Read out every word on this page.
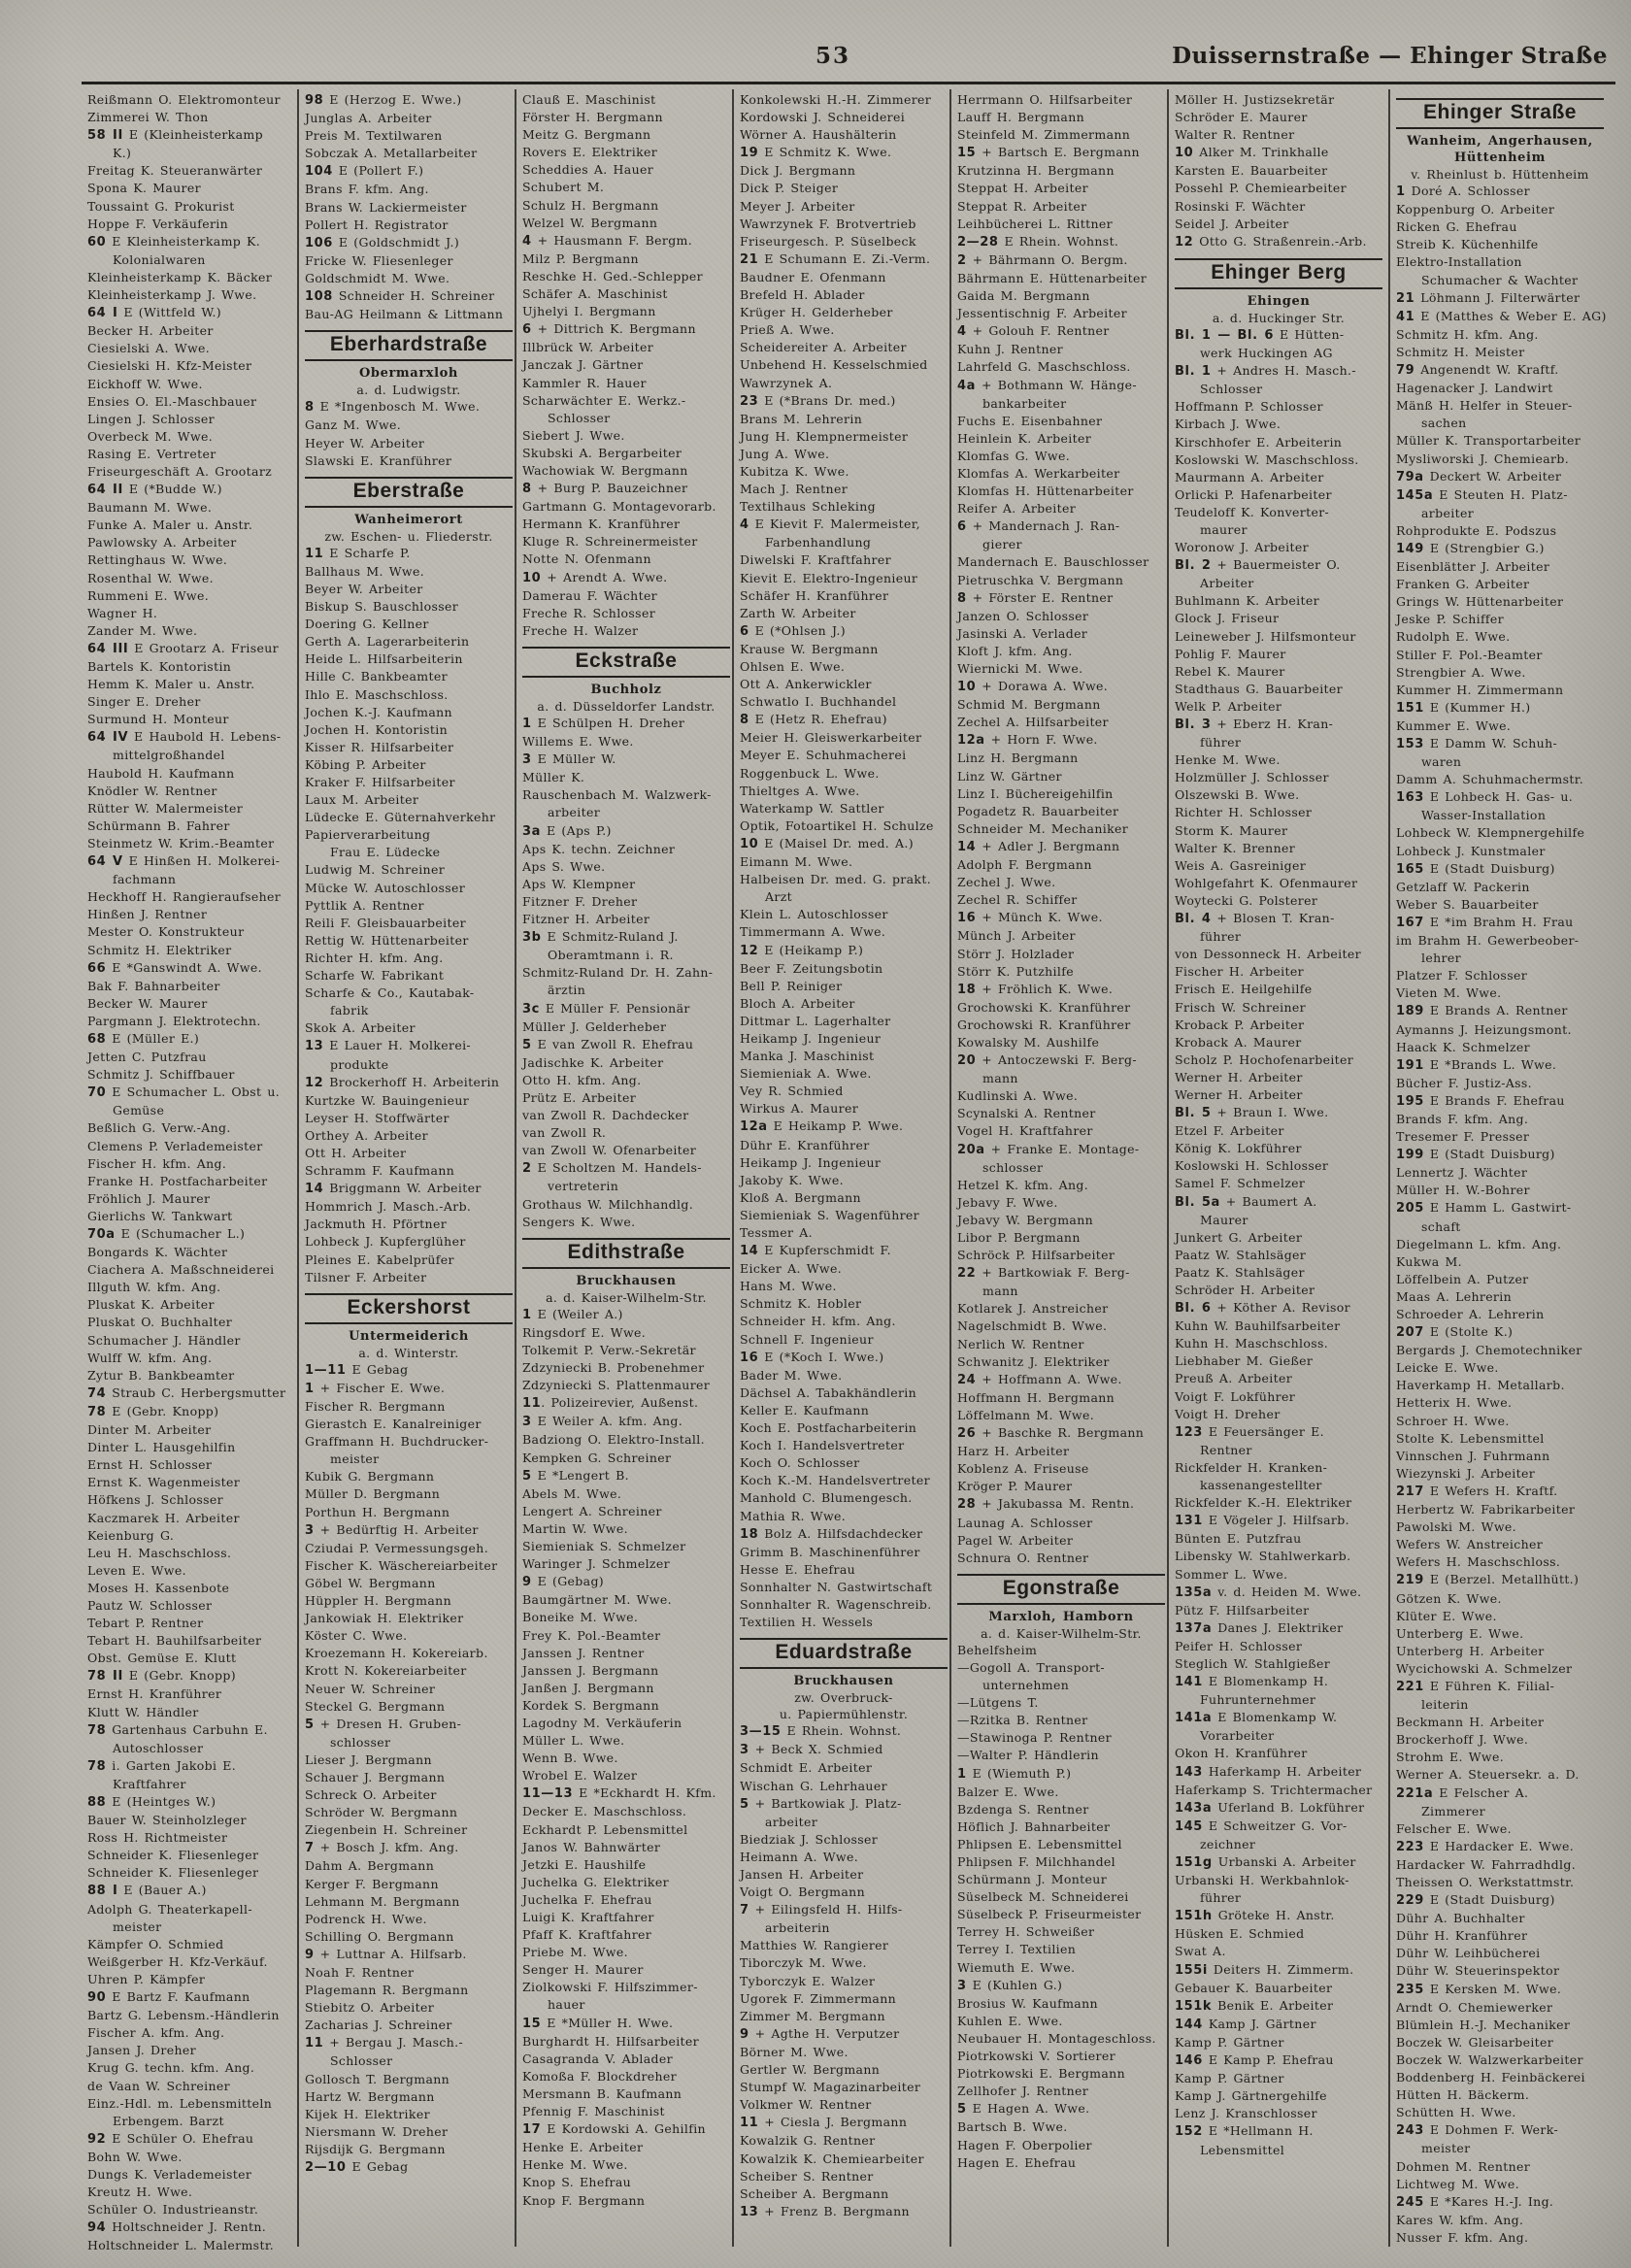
53	Duissernstraße — Ehinger Straße
Reißmann O. Elektromonteur
Zimmerei W. Thon
58 II E (Kleinheisterkamp
K.)
Freitag K. Steueranwärter
Spona K. Maurer
Toussaint G. Prokurist
Hoppe F. Verkäuferin
60 E Kleinheisterkamp K.
Kolonialwaren
Kleinheisterkamp K. Bäcker
Kleinheisterkamp J. Wwe.
64 I E (Wittfeld W.)
Becker H. Arbeiter
Ciesielski A. Wwe.
Ciesielski H. Kfz-Meister
Eickhoff W. Wwe.
Ensies O. El.-Maschbauer
Lingen J. Schlosser
Overbeck M. Wwe.
Rasing E. Vertreter
Friseurgeschäft A. Grootarz
64 II E (*Budde W.)
Baumann M. Wwe.
Funke A. Maler u. Anstr.
Pawlowsky A. Arbeiter
Rettinghaus W. Wwe.
Rosenthal W. Wwe.
Rummeni E. Wwe.
Wagner H.
Zander M. Wwe.
64 III E Grootarz A. Friseur
Bartels K. Kontoristin
Hemm K. Maler u. Anstr.
Singer E. Dreher
Surmund H. Monteur
64 IV E Haubold H. Lebens-
mittelgroßhandel
Haubold H. Kaufmann
Knödler W. Rentner
Rütter W. Malermeister
Schürmann B. Fahrer
Steinmetz W. Krim.-Beamter
64 V E Hinßen H. Molkerei-
fachmann
Heckhoff H. Rangieraufseher
Hinßen J. Rentner
Mester O. Konstrukteur
Schmitz H. Elektriker
66 E *Ganswindt A. Wwe.
Bak F. Bahnarbeiter
Becker W. Maurer
Pargmann J. Elektrotechn.
68 E (Müller E.)
Jetten C. Putzfrau
Schmitz J. Schiffbauer
70 E Schumacher L. Obst u.
Gemüse
Beßlich G. Verw.-Ang.
Clemens P. Verlademeister
Fischer H. kfm. Ang.
Franke H. Postfacharbeiter
Fröhlich J. Maurer
Gierlichs W. Tankwart
70a E (Schumacher L.)
Bongards K. Wächter
Ciachera A. Maßschneiderei
Illguth W. kfm. Ang.
Pluskat K. Arbeiter
Pluskat O. Buchhalter
Schumacher J. Händler
Wulff W. kfm. Ang.
Zytur B. Bankbeamter
74 Straub C. Herbergsmutter
78 E (Gebr. Knopp)
Dinter M. Arbeiter
Dinter L. Hausgehilfin
Ernst H. Schlosser
Ernst K. Wagenmeister
Höfkens J. Schlosser
Kaczmarek H. Arbeiter
Keienburg G.
Leu H. Maschschloss.
Leven E. Wwe.
Moses H. Kassenbote
Pautz W. Schlosser
Tebart P. Rentner
Tebart H. Bauhilfsarbeiter
Obst. Gemüse E. Klutt
78 II E (Gebr. Knopp)
Ernst H. Kranführer
Klutt W. Händler
78 Gartenhaus Carbuhn E.
Autoschlosser
78 i. Garten Jakobi E.
Kraftfahrer
88 E (Heintges W.)
Bauer W. Steinholzleger
Ross H. Richtmeister
Schneider K. Fliesenleger
Schneider K. Fliesenleger
88 I E (Bauer A.)
Adolph G. Theaterkapell-
meister
Kämpfer O. Schmied
Weißgerber H. Kfz-Verkäuf.
Uhren P. Kämpfer
90 E Bartz F. Kaufmann
Bartz G. Lebensm.-Händlerin
Fischer A. kfm. Ang.
Jansen J. Dreher
Krug G. techn. kfm. Ang.
de Vaan W. Schreiner
Einz.-Hdl. m. Lebensmitteln
Erbengem. Barzt
92 E Schüler O. Ehefrau
Bohn W. Wwe.
Dungs K. Verlademeister
Kreutz H. Wwe.
Schüler O. Industrieanstr.
94 Holtschneider J. Rentn.
Holtschneider L. Malermstr.
98 E (Herzog E. Wwe.)
Junglas A. Arbeiter
Preis M. Textilwaren
Sobczak A. Metallarbeiter
104 E (Pollert F.)
Brans F. kfm. Ang.
Brans W. Lackiermeister
Pollert H. Registrator
106 E (Goldschmidt J.)
Fricke W. Fliesenleger
Goldschmidt M. Wwe.
108 Schneider H. Schreiner
Bau-AG Heilmann & Littmann
Eberhardstraße
Obermarxloh
a. d. Ludwigstr.
8 E *Ingenbosch M. Wwe.
Ganz M. Wwe.
Heyer W. Arbeiter
Slawski E. Kranführer
Eberstraße
Wanheimerort
zw. Eschen- u. Fliederstr.
11 E Scharfe P.
Ballhaus M. Wwe.
Beyer W. Arbeiter
Biskup S. Bauschlosser
Doering G. Kellner
Gerth A. Lagerarbeiterin
Heide L. Hilfsarbeiterin
Hille C. Bankbeamter
Ihlo E. Maschschloss.
Jochen K.-J. Kaufmann
Jochen H. Kontoristin
Kisser R. Hilfsarbeiter
Köbing P. Arbeiter
Kraker F. Hilfsarbeiter
Laux M. Arbeiter
Lüdecke E. Güternahverkehr
Papierverarbeitung
Frau E. Lüdecke
Ludwig M. Schreiner
Mücke W. Autoschlosser
Pyttlik A. Rentner
Reili F. Gleisbauarbeiter
Rettig W. Hüttenarbeiter
Richter H. kfm. Ang.
Scharfe W. Fabrikant
Scharfe & Co., Kautabak-
fabrik
Skok A. Arbeiter
13 E Lauer H. Molkerei-
produkte
12 Brockerhoff H. Arbeiterin
Kurtzke W. Bauingenieur
Leyser H. Stoffwärter
Orthey A. Arbeiter
Ott H. Arbeiter
Schramm F. Kaufmann
14 Briggmann W. Arbeiter
Hommrich J. Masch.-Arb.
Jackmuth H. Pförtner
Lohbeck J. Kupferglüher
Pleines E. Kabelprüfer
Tilsner F. Arbeiter
Eckershorst
Untermeiderich
a. d. Winterstr.
1—11 E Gebag
1 + Fischer E. Wwe.
Fischer R. Bergmann
Gierastch E. Kanalreiniger
Graffmann H. Buchdrucker-
meister
Kubik G. Bergmann
Müller D. Bergmann
Porthun H. Bergmann
3 + Bedürftig H. Arbeiter
Cziudai P. Vermessungsgeh.
Fischer K. Wäschereiarbeiter
Göbel W. Bergmann
Hüppler H. Bergmann
Jankowiak H. Elektriker
Köster C. Wwe.
Kroezemann H. Kokereiarb.
Krott N. Kokereiarbeiter
Neuer W. Schreiner
Steckel G. Bergmann
5 + Dresen H. Gruben-
schlosser
Lieser J. Bergmann
Schauer J. Bergmann
Schreck O. Arbeiter
Schröder W. Bergmann
Ziegenbein H. Schreiner
7 + Bosch J. kfm. Ang.
Dahm A. Bergmann
Kerger F. Bergmann
Lehmann M. Bergmann
Podrenck H. Wwe.
Schilling O. Bergmann
9 + Luttnar A. Hilfsarb.
Noah F. Rentner
Plagemann R. Bergmann
Stiebitz O. Arbeiter
Zacharias J. Schreiner
11 + Bergau J. Masch.-
Schlosser
Gollosch T. Bergmann
Hartz W. Bergmann
Kijek H. Elektriker
Niersmann W. Dreher
Rijsdijk G. Bergmann
2—10 E Gebag
Clauß E. Maschinist
Förster H. Bergmann
Meitz G. Bergmann
Rovers E. Elektriker
Scheddies A. Hauer
Schubert M.
Schulz H. Bergmann
Welzel W. Bergmann
4 + Hausmann F. Bergm.
Milz P. Bergmann
Reschke H. Ged.-Schlepper
Schäfer A. Maschinist
Ujhelyi I. Bergmann
6 + Dittrich K. Bergmann
Illbrück W. Arbeiter
Janczak J. Gärtner
Kammler R. Hauer
Scharwächter E. Werkz.-
Schlosser
Siebert J. Wwe.
Skubski A. Bergarbeiter
Wachowiak W. Bergmann
8 + Burg P. Bauzeichner
Gartmann G. Montagevorarb.
Hermann K. Kranführer
Kluge R. Schreinermeister
Notte N. Ofenmann
10 + Arendt A. Wwe.
Damerau F. Wächter
Freche R. Schlosser
Freche H. Walzer
Eckstraße
Buchholz
a. d. Düsseldorfer Landstr.
1 E Schülpen H. Dreher
Willems E. Wwe.
3 E Müller W.
Müller K.
Rauschenbach M. Walzwerk-
arbeiter
3a E (Aps P.)
Aps K. techn. Zeichner
Aps S. Wwe.
Aps W. Klempner
Fitzner F. Dreher
Fitzner H. Arbeiter
3b E Schmitz-Ruland J.
Oberamtmann i. R.
Schmitz-Ruland Dr. H. Zahn-
ärztin
3c E Müller F. Pensionär
Müller J. Gelderheber
5 E van Zwoll R. Ehefrau
Jadischke K. Arbeiter
Otto H. kfm. Ang.
Prütz E. Arbeiter
van Zwoll R. Dachdecker
van Zwoll R.
van Zwoll W. Ofenarbeiter
2 E Scholtzen M. Handels-
vertreterin
Grothaus W. Milchhandlg.
Sengers K. Wwe.
Edithstraße
Bruckhausen
a. d. Kaiser-Wilhelm-Str.
1 E (Weiler A.)
Ringsdorf E. Wwe.
Tolkemit P. Verw.-Sekretär
Zdzyniecki B. Probenehmer
Zdzyniecki S. Plattenmaurer
11. Polizeirevier, Außenst.
3 E Weiler A. kfm. Ang.
Badziong O. Elektro-Install.
Kempken G. Schreiner
5 E *Lengert B.
Abels M. Wwe.
Lengert A. Schreiner
Martin W. Wwe.
Siemieniak S. Schmelzer
Waringer J. Schmelzer
9 E (Gebag)
Baumgärtner M. Wwe.
Boneike M. Wwe.
Frey K. Pol.-Beamter
Janssen J. Rentner
Janssen J. Bergmann
Janßen J. Bergmann
Kordek S. Bergmann
Lagodny M. Verkäuferin
Müller L. Wwe.
Wenn B. Wwe.
Wrobel E. Walzer
11—13 E *Eckhardt H. Kfm.
Decker E. Maschschloss.
Eckhardt P. Lebensmittel
Janos W. Bahnwärter
Jetzki E. Haushilfe
Juchelka G. Elektriker
Juchelka F. Ehefrau
Luigi K. Kraftfahrer
Pfaff K. Kraftfahrer
Priebe M. Wwe.
Senger H. Maurer
Ziolkowski F. Hilfszimmer-
hauer
15 E *Müller H. Wwe.
Burghardt H. Hilfsarbeiter
Casagranda V. Ablader
Komoßa F. Blockdreher
Mersmann B. Kaufmann
Pfennig F. Maschinist
17 E Kordowski A. Gehilfin
Henke E. Arbeiter
Henke M. Wwe.
Knop S. Ehefrau
Knop F. Bergmann
Konkolewski H.-H. Zimmerer
Kordowski J. Schneiderei
Wörner A. Haushälterin
19 E Schmitz K. Wwe.
Dick J. Bergmann
Dick P. Steiger
Meyer J. Arbeiter
Wawrzynek F. Brotvertrieb
Friseurgesch. P. Süselbeck
21 E Schumann E. Zi.-Verm.
Baudner E. Ofenmann
Brefeld H. Ablader
Krüger H. Gelderheber
Prieß A. Wwe.
Scheidereiter A. Arbeiter
Unbehend H. Kesselschmied
Wawrzynek A.
23 E (*Brans Dr. med.)
Brans M. Lehrerin
Jung H. Klempnermeister
Jung A. Wwe.
Kubitza K. Wwe.
Mach J. Rentner
Textilhaus Schleking
4 E Kievit F. Malermeister,
Farbenhandlung
Diwelski F. Kraftfahrer
Kievit E. Elektro-Ingenieur
Schäfer H. Kranführer
Zarth W. Arbeiter
6 E (*Ohlsen J.)
Krause W. Bergmann
Ohlsen E. Wwe.
Ott A. Ankerwickler
Schwatlo I. Buchhandel
8 E (Hetz R. Ehefrau)
Meier H. Gleiswerkarbeiter
Meyer E. Schuhmacherei
Roggenbuck L. Wwe.
Thieltges A. Wwe.
Waterkamp W. Sattler
Optik, Fotoartikel H. Schulze
10 E (Maisel Dr. med. A.)
Eimann M. Wwe.
Halbeisen Dr. med. G. prakt.
Arzt
Klein L. Autoschlosser
Timmermann A. Wwe.
12 E (Heikamp P.)
Beer F. Zeitungsbotin
Bell P. Reiniger
Bloch A. Arbeiter
Dittmar L. Lagerhalter
Heikamp J. Ingenieur
Manka J. Maschinist
Siemieniak A. Wwe.
Vey R. Schmied
Wirkus A. Maurer
12a E Heikamp P. Wwe.
Dühr E. Kranführer
Heikamp J. Ingenieur
Jakoby K. Wwe.
Kloß A. Bergmann
Siemieniak S. Wagenführer
Tessmer A.
14 E Kupferschmidt F.
Eicker A. Wwe.
Hans M. Wwe.
Schmitz K. Hobler
Schneider H. kfm. Ang.
Schnell F. Ingenieur
16 E (*Koch I. Wwe.)
Bader M. Wwe.
Dächsel A. Tabakhändlerin
Keller E. Kaufmann
Koch E. Postfacharbeiterin
Koch I. Handelsvertreter
Koch O. Schlosser
Koch K.-M. Handelsvertreter
Manhold C. Blumengesch.
Mathia R. Wwe.
18 Bolz A. Hilfsdachdecker
Grimm B. Maschinenführer
Hesse E. Ehefrau
Sonnhalter N. Gastwirtschaft
Sonnhalter R. Wagenschreib.
Textilien H. Wessels
Eduardstraße
Bruckhausen
zw. Overbruck-
u. Papiermühlenstr.
3—15 E Rhein. Wohnst.
3 + Beck X. Schmied
Schmidt E. Arbeiter
Wischan G. Lehrhauer
5 + Bartkowiak J. Platz-
arbeiter
Biedziak J. Schlosser
Heimann A. Wwe.
Jansen H. Arbeiter
Voigt O. Bergmann
7 + Eilingsfeld H. Hilfs-
arbeiterin
Matthies W. Rangierer
Tiborczyk M. Wwe.
Tyborczyk E. Walzer
Ugorek F. Zimmermann
Zimmer M. Bergmann
9 + Agthe H. Verputzer
Börner M. Wwe.
Gertler W. Bergmann
Stumpf W. Magazinarbeiter
Volkmer W. Rentner
11 + Ciesla J. Bergmann
Kowalzik G. Rentner
Kowalzik K. Chemiearbeiter
Scheiber S. Rentner
Scheiber A. Bergmann
13 + Frenz B. Bergmann
Herrmann O. Hilfsarbeiter
Lauff H. Bergmann
Steinfeld M. Zimmermann
15 + Bartsch E. Bergmann
Krutzinna H. Bergmann
Steppat H. Arbeiter
Steppat R. Arbeiter
Leihbücherei L. Rittner
2—28 E Rhein. Wohnst.
2 + Bährmann O. Bergm.
Bährmann E. Hüttenarbeiter
Gaida M. Bergmann
Jessentischnig F. Arbeiter
4 + Golouh F. Rentner
Kuhn J. Rentner
Lahrfeld G. Maschschloss.
4a + Bothmann W. Hänge-
bankarbeiter
Fuchs E. Eisenbahner
Heinlein K. Arbeiter
Klomfas G. Wwe.
Klomfas A. Werkarbeiter
Klomfas H. Hüttenarbeiter
Reifer A. Arbeiter
6 + Mandernach J. Ran-
gierer
Mandernach E. Bauschlosser
Pietruschka V. Bergmann
8 + Förster E. Rentner
Janzen O. Schlosser
Jasinski A. Verlader
Kloft J. kfm. Ang.
Wiernicki M. Wwe.
10 + Dorawa A. Wwe.
Schmid M. Bergmann
Zechel A. Hilfsarbeiter
12a + Horn F. Wwe.
Linz H. Bergmann
Linz W. Gärtner
Linz I. Büchereigehilfin
Pogadetz R. Bauarbeiter
Schneider M. Mechaniker
14 + Adler J. Bergmann
Adolph F. Bergmann
Zechel J. Wwe.
Zechel R. Schiffer
16 + Münch K. Wwe.
Münch J. Arbeiter
Störr J. Holzlader
Störr K. Putzhilfe
18 + Fröhlich K. Wwe.
Grochowski K. Kranführer
Grochowski R. Kranführer
Kowalsky M. Aushilfe
20 + Antoczewski F. Berg-
mann
Kudlinski A. Wwe.
Scynalski A. Rentner
Vogel H. Kraftfahrer
20a + Franke E. Montage-
schlosser
Hetzel K. kfm. Ang.
Jebavy F. Wwe.
Jebavy W. Bergmann
Libor P. Bergmann
Schröck P. Hilfsarbeiter
22 + Bartkowiak F. Berg-
mann
Kotlarek J. Anstreicher
Nagelschmidt B. Wwe.
Nerlich W. Rentner
Schwanitz J. Elektriker
24 + Hoffmann A. Wwe.
Hoffmann H. Bergmann
Löffelmann M. Wwe.
26 + Baschke R. Bergmann
Harz H. Arbeiter
Koblenz A. Friseuse
Kröger P. Maurer
28 + Jakubassa M. Rentn.
Launag A. Schlosser
Pagel W. Arbeiter
Schnura O. Rentner
Egonstraße
Marxloh, Hamborn
a. d. Kaiser-Wilhelm-Str.
Behelfsheim
—Gogoll A. Transport-
unternehmen
—Lütgens T.
—Rzitka B. Rentner
—Stawinoga P. Rentner
—Walter P. Händlerin
1 E (Wiemuth P.)
Balzer E. Wwe.
Bzdenga S. Rentner
Höflich J. Bahnarbeiter
Phlipsen E. Lebensmittel
Phlipsen F. Milchhandel
Schürmann J. Monteur
Süselbeck M. Schneiderei
Süselbeck P. Friseurmeister
Terrey H. Schweißer
Terrey I. Textilien
Wiemuth E. Wwe.
3 E (Kuhlen G.)
Brosius W. Kaufmann
Kuhlen E. Wwe.
Neubauer H. Montageschloss.
Piotrkowski V. Sortierer
Piotrkowski E. Bergmann
Zellhofer J. Rentner
5 E Hagen A. Wwe.
Bartsch B. Wwe.
Hagen F. Oberpolier
Hagen E. Ehefrau
Möller H. Justizsekretär
Schröder E. Maurer
Walter R. Rentner
10 Alker M. Trinkhalle
Karsten E. Bauarbeiter
Possehl P. Chemiearbeiter
Rosinski F. Wächter
Seidel J. Arbeiter
12 Otto G. Straßenrein.-Arb.
Ehinger Berg
Ehingen
a. d. Huckinger Str.
Bl. 1 — Bl. 6 E Hütten-
werk Huckingen AG
Bl. 1 + Andres H. Masch.-
Schlosser
Hoffmann P. Schlosser
Kirbach J. Wwe.
Kirschhofer E. Arbeiterin
Koslowski W. Maschschloss.
Maurmann A. Arbeiter
Orlicki P. Hafenarbeiter
Teudeloff K. Konverter-
maurer
Woronow J. Arbeiter
Bl. 2 + Bauermeister O.
Arbeiter
Buhlmann K. Arbeiter
Glock J. Friseur
Leineweber J. Hilfsmonteur
Pohlig F. Maurer
Rebel K. Maurer
Stadthaus G. Bauarbeiter
Welk P. Arbeiter
Bl. 3 + Eberz H. Kran-
führer
Henke M. Wwe.
Holzmüller J. Schlosser
Olszewski B. Wwe.
Richter H. Schlosser
Storm K. Maurer
Walter K. Brenner
Weis A. Gasreiniger
Wohlgefahrt K. Ofenmaurer
Woytecki G. Polsterer
Bl. 4 + Blosen T. Kran-
führer
von Dessonneck H. Arbeiter
Fischer H. Arbeiter
Frisch E. Heilgehilfe
Frisch W. Schreiner
Kroback P. Arbeiter
Kroback A. Maurer
Scholz P. Hochofenarbeiter
Werner H. Arbeiter
Werner H. Arbeiter
Bl. 5 + Braun I. Wwe.
Etzel F. Arbeiter
König K. Lokführer
Koslowski H. Schlosser
Samel F. Schmelzer
Bl. 5a + Baumert A.
Maurer
Junkert G. Arbeiter
Paatz W. Stahlsäger
Paatz K. Stahlsäger
Schröder H. Arbeiter
Bl. 6 + Köther A. Revisor
Kuhn W. Bauhilfsarbeiter
Kuhn H. Maschschloss.
Liebhaber M. Gießer
Preuß A. Arbeiter
Voigt F. Lokführer
Voigt H. Dreher
123 E Feuersänger E.
Rentner
Rickfelder H. Kranken-
kassenangestellter
Rickfelder K.-H. Elektriker
131 E Vögeler J. Hilfsarb.
Bünten E. Putzfrau
Libensky W. Stahlwerkarb.
Sommer L. Wwe.
135a v. d. Heiden M. Wwe.
Pütz F. Hilfsarbeiter
137a Danes J. Elektriker
Peifer H. Schlosser
Steglich W. Stahlgießer
141 E Blomenkamp H.
Fuhrunternehmer
141a E Blomenkamp W.
Vorarbeiter
Okon H. Kranführer
143 Haferkamp H. Arbeiter
Haferkamp S. Trichtermacher
143a Uferland B. Lokführer
145 E Schweitzer G. Vor-
zeichner
151g Urbanski A. Arbeiter
Urbanski H. Werkbahnlok-
führer
151h Gröteke H. Anstr.
Hüsken E. Schmied
Swat A.
155i Deiters H. Zimmerm.
Gebauer K. Bauarbeiter
151k Benik E. Arbeiter
144 Kamp J. Gärtner
Kamp P. Gärtner
146 E Kamp P. Ehefrau
Kamp P. Gärtner
Kamp J. Gärtnergehilfe
Lenz J. Kranschlosser
152 E *Hellmann H.
Lebensmittel
Ehinger Straße
Wanheim, Angerhausen,
Hüttenheim
v. Rheinlust b. Hüttenheim
1 Doré A. Schlosser
Koppenburg O. Arbeiter
Ricken G. Ehefrau
Streib K. Küchenhilfe
Elektro-Installation
Schumacher & Wachter
21 Löhmann J. Filterwärter
41 E (Matthes & Weber E. AG)
Schmitz H. kfm. Ang.
Schmitz H. Meister
79 Angenendt W. Kraftf.
Hagenacker J. Landwirt
Mänß H. Helfer in Steuer-
sachen
Müller K. Transportarbeiter
Mysliworski J. Chemiearb.
79a Deckert W. Arbeiter
145a E Steuten H. Platz-
arbeiter
Rohprodukte E. Podszus
149 E (Strengbier G.)
Eisenblätter J. Arbeiter
Franken G. Arbeiter
Grings W. Hüttenarbeiter
Jeske P. Schiffer
Rudolph E. Wwe.
Stiller F. Pol.-Beamter
Strengbier A. Wwe.
Kummer H. Zimmermann
151 E (Kummer H.)
Kummer E. Wwe.
153 E Damm W. Schuh-
waren
Damm A. Schuhmachermstr.
163 E Lohbeck H. Gas- u.
Wasser-Installation
Lohbeck W. Klempnergehilfe
Lohbeck J. Kunstmaler
165 E (Stadt Duisburg)
Getzlaff W. Packerin
Weber S. Bauarbeiter
167 E *im Brahm H. Frau
im Brahm H. Gewerbeober-
lehrer
Platzer F. Schlosser
Vieten M. Wwe.
189 E Brands A. Rentner
Aymanns J. Heizungsmont.
Haack K. Schmelzer
191 E *Brands L. Wwe.
Bücher F. Justiz-Ass.
195 E Brands F. Ehefrau
Brands F. kfm. Ang.
Tresemer F. Presser
199 E (Stadt Duisburg)
Lennertz J. Wächter
Müller H. W.-Bohrer
205 E Hamm L. Gastwirt-
schaft
Diegelmann L. kfm. Ang.
Kukwa M.
Löffelbein A. Putzer
Maas A. Lehrerin
Schroeder A. Lehrerin
207 E (Stolte K.)
Bergards J. Chemotechniker
Leicke E. Wwe.
Haverkamp H. Metallarb.
Hetterix H. Wwe.
Schroer H. Wwe.
Stolte K. Lebensmittel
Vinnschen J. Fuhrmann
Wiezynski J. Arbeiter
217 E Wefers H. Kraftf.
Herbertz W. Fabrikarbeiter
Pawolski M. Wwe.
Wefers W. Anstreicher
Wefers H. Maschschloss.
219 E (Berzel. Metallhütt.)
Götzen K. Wwe.
Klüter E. Wwe.
Unterberg E. Wwe.
Unterberg H. Arbeiter
Wycichowski A. Schmelzer
221 E Führen K. Filial-
leiterin
Beckmann H. Arbeiter
Brockerhoff J. Wwe.
Strohm E. Wwe.
Werner A. Steuersekr. a. D.
221a E Felscher A.
Zimmerer
Felscher E. Wwe.
223 E Hardacker E. Wwe.
Hardacker W. Fahrradhdlg.
Theissen O. Werkstattmstr.
229 E (Stadt Duisburg)
Dühr A. Buchhalter
Dühr H. Kranführer
Dühr W. Leihbücherei
Dühr W. Steuerinspektor
235 E Kersken M. Wwe.
Arndt O. Chemiewerker
Blümlein H.-J. Mechaniker
Boczek W. Gleisarbeiter
Boczek W. Walzwerkarbeiter
Boddenberg H. Feinbäckerei
Hütten H. Bäckerm.
Schütten H. Wwe.
243 E Dohmen F. Werk-
meister
Dohmen M. Rentner
Lichtweg M. Wwe.
245 E *Kares H.-J. Ing.
Kares W. kfm. Ang.
Nusser F. kfm. Ang.
